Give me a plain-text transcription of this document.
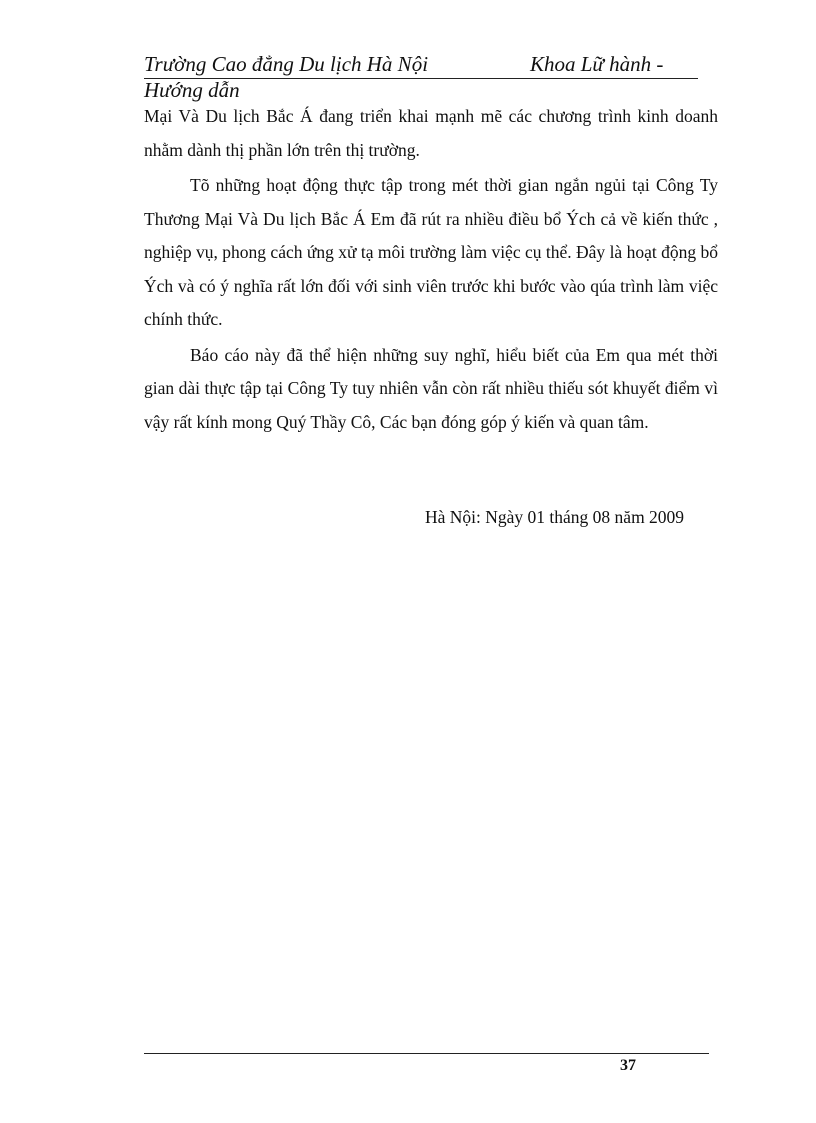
Trường Cao đẳng Du lịch Hà Nội	Khoa Lữ hành -
Hướng dẫn

Mại Và Du lịch Bắc Á đang triển khai mạnh mẽ các chương trình kinh doanh nhằm dành thị phần lớn trên thị trường.

Tõ những hoạt động thực tập trong mét thời gian ngắn ngủi tại Công Ty Thương Mại Và Du lịch Bắc Á Em đã rút ra nhiều điều bổ Ých cả về kiến thức , nghiệp vụ, phong cách ứng xử tạ môi trường làm việc cụ thể. Đây là hoạt động bổ Ých và có ý nghĩa rất lớn đối với sinh viên trước khi bước vào qúa trình làm việc chính thức.

Báo cáo này đã thể hiện những suy nghĩ, hiểu biết của Em qua mét thời gian dài thực tập tại Công Ty tuy nhiên vẫn còn rất nhiều thiếu sót khuyết điểm vì vậy rất kính mong Quý Thầy Cô, Các bạn đóng góp ý kiến và quan tâm.

Hà Nội: Ngày 01 tháng 08 năm 2009
37
